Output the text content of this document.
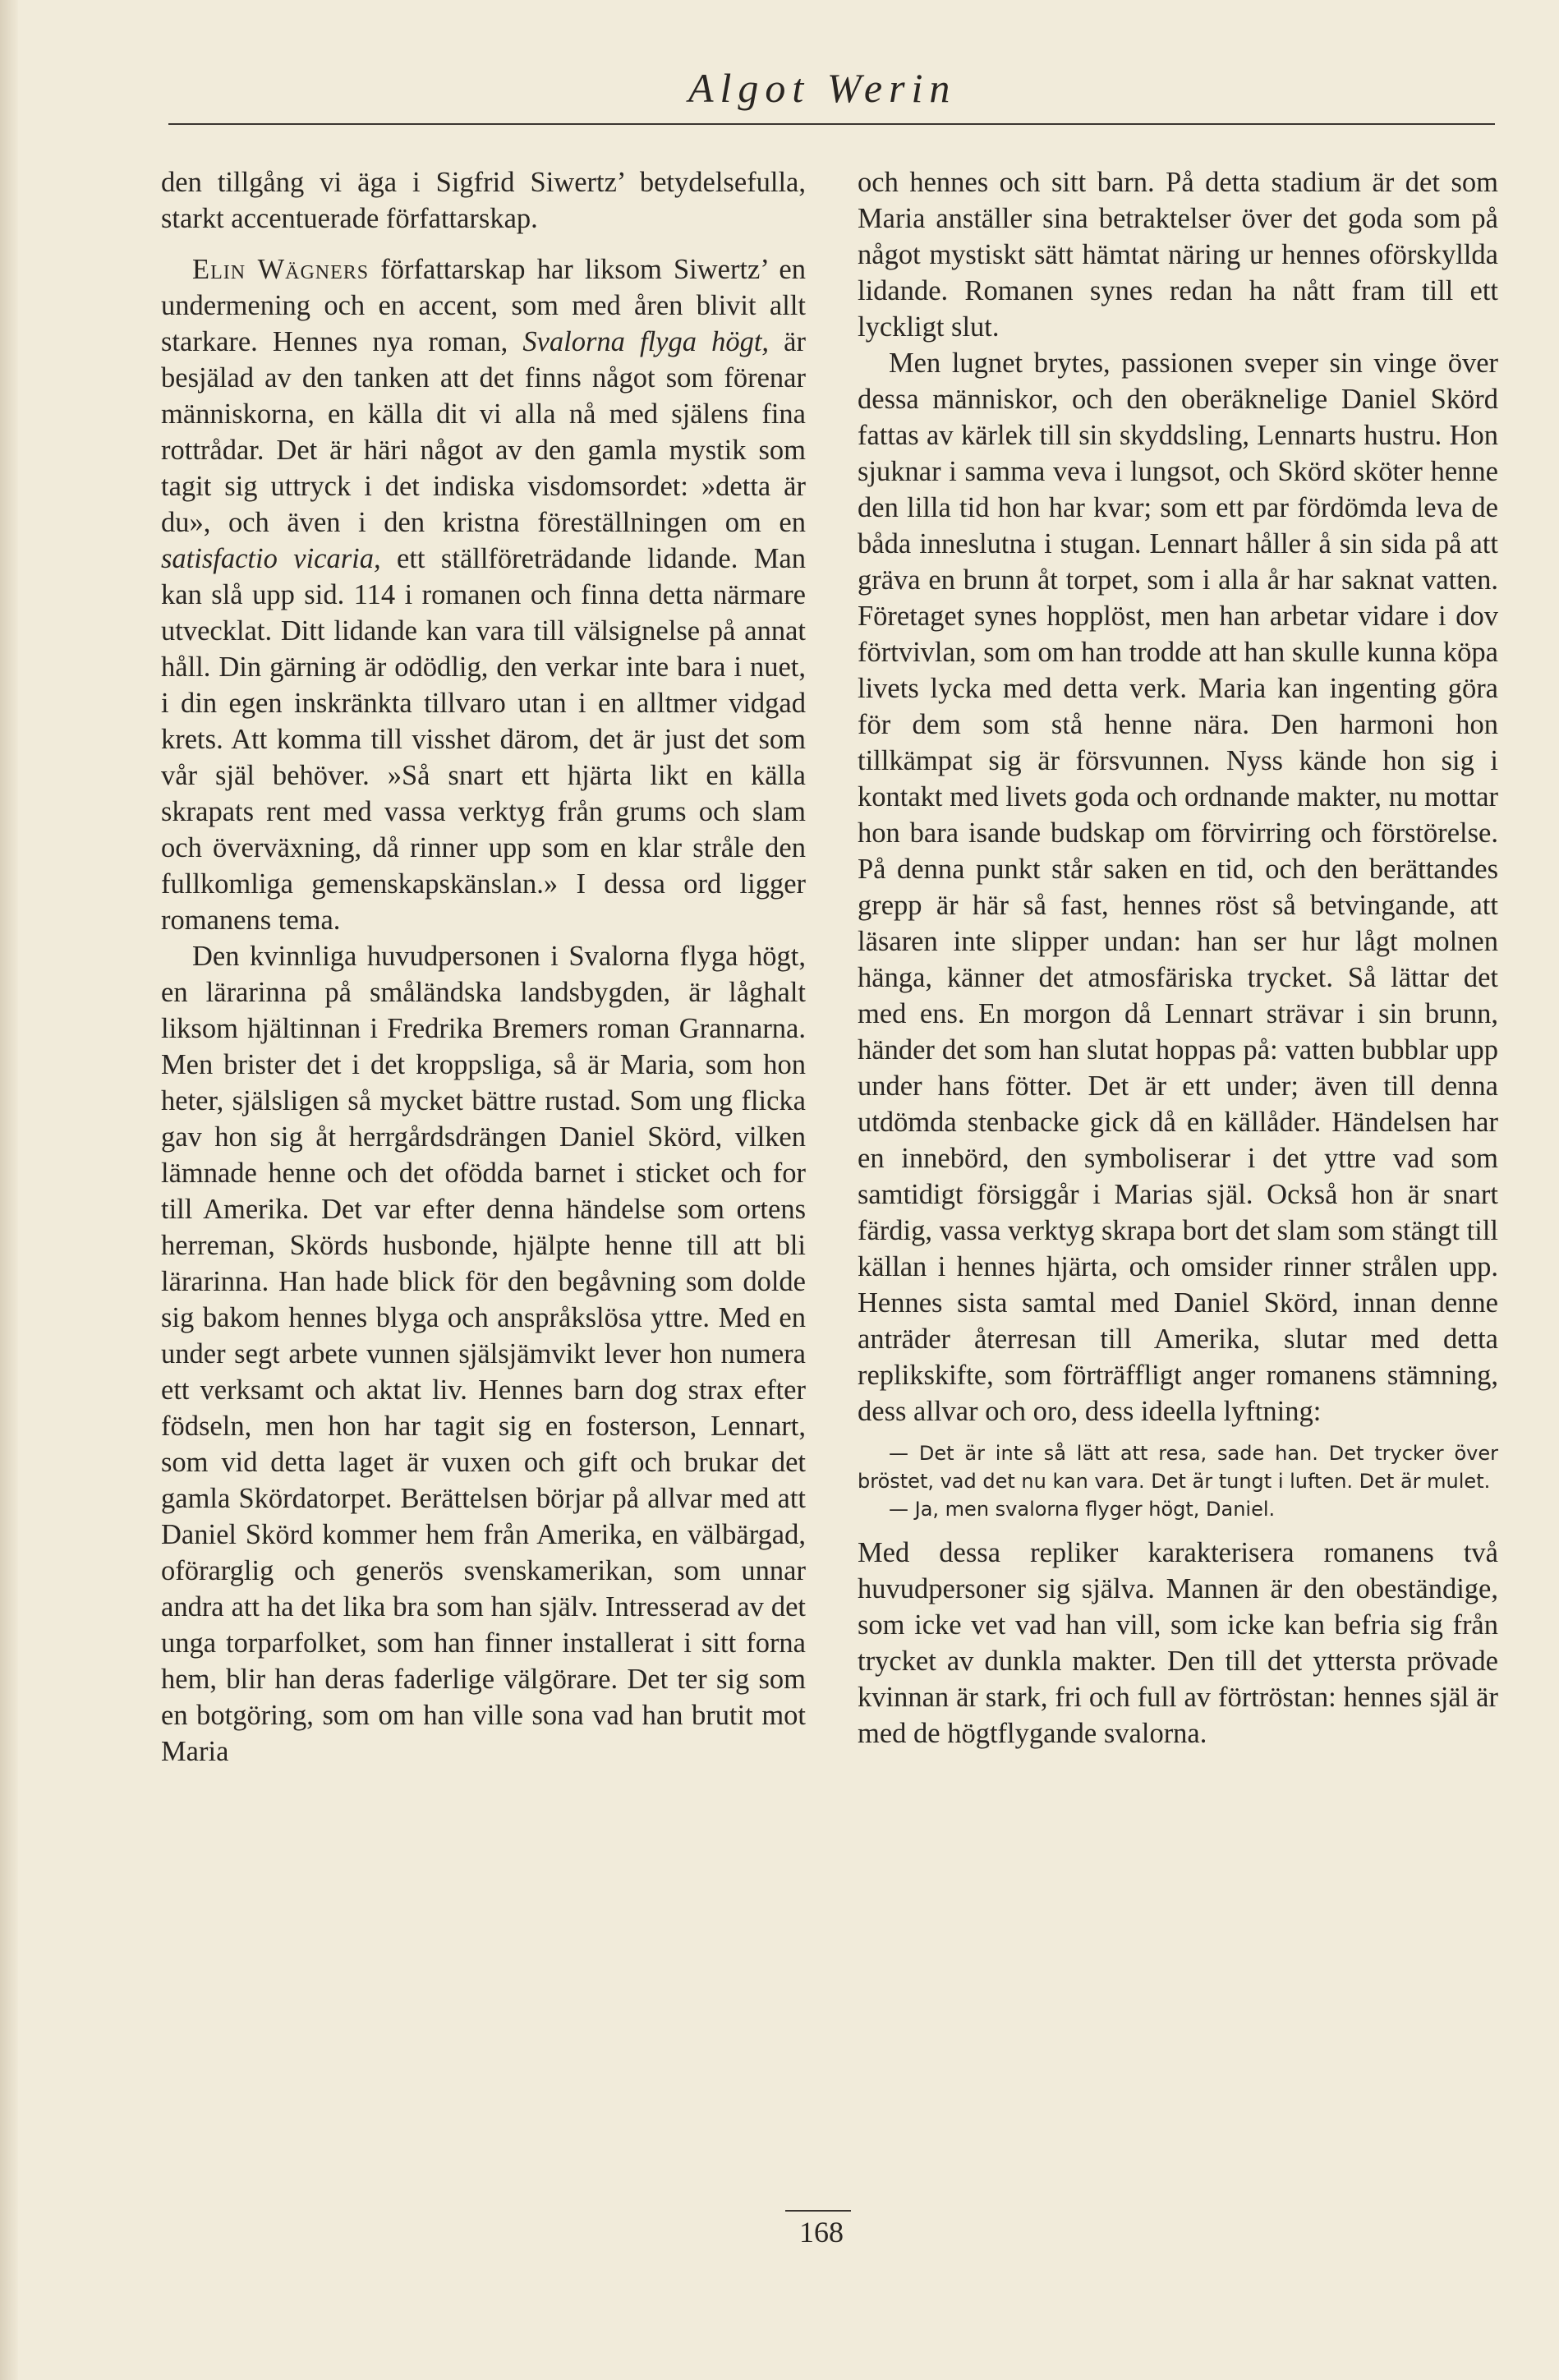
Algot Werin

den tillgång vi äga i Sigfrid Siwertz’ betydelsefulla, starkt accentuerade författarskap.

Elin Wägners författarskap har liksom Siwertz’ en undermening och en accent, som med åren blivit allt starkare. Hennes nya roman, Svalorna flyga högt, är besjälad av den tanken att det finns något som förenar människorna, en källa dit vi alla nå med själens fina rottrådar. Det är häri något av den gamla mystik som tagit sig uttryck i det indiska visdomsordet: »detta är du», och även i den kristna föreställningen om en satisfactio vicaria, ett ställföreträdande lidande. Man kan slå upp sid. 114 i romanen och finna detta närmare utvecklat. Ditt lidande kan vara till välsignelse på annat håll. Din gärning är odödlig, den verkar inte bara i nuet, i din egen inskränkta tillvaro utan i en alltmer vidgad krets. Att komma till visshet därom, det är just det som vår själ behöver. »Så snart ett hjärta likt en källa skrapats rent med vassa verktyg från grums och slam och överväxning, då rinner upp som en klar stråle den fullkomliga gemenskapskänslan.» I dessa ord ligger romanens tema.

Den kvinnliga huvudpersonen i Svalorna flyga högt, en lärarinna på småländska landsbygden, är låghalt liksom hjältinnan i Fredrika Bremers roman Grannarna. Men brister det i det kroppsliga, så är Maria, som hon heter, själsligen så mycket bättre rustad. Som ung flicka gav hon sig åt herrgårdsdrängen Daniel Skörd, vilken lämnade henne och det ofödda barnet i sticket och for till Amerika. Det var efter denna händelse som ortens herreman, Skörds husbonde, hjälpte henne till att bli lärarinna. Han hade blick för den begåvning som dolde sig bakom hennes blyga och anspråkslösa yttre. Med en under segt arbete vunnen själsjämvikt lever hon numera ett verksamt och aktat liv. Hennes barn dog strax efter födseln, men hon har tagit sig en fosterson, Lennart, som vid detta laget är vuxen och gift och brukar det gamla Skördatorpet. Berättelsen börjar på allvar med att Daniel Skörd kommer hem från Amerika, en välbärgad, oförarglig och generös svenskamerikan, som unnar andra att ha det lika bra som han själv. Intresserad av det unga torparfolket, som han finner installerat i sitt forna hem, blir han deras faderlige välgörare. Det ter sig som en botgöring, som om han ville sona vad han brutit mot Maria

och hennes och sitt barn. På detta stadium är det som Maria anställer sina betraktelser över det goda som på något mystiskt sätt hämtat näring ur hennes oförskyllda lidande. Romanen synes redan ha nått fram till ett lyckligt slut.

Men lugnet brytes, passionen sveper sin vinge över dessa människor, och den oberäknelige Daniel Skörd fattas av kärlek till sin skyddsling, Lennarts hustru. Hon sjuknar i samma veva i lungsot, och Skörd sköter henne den lilla tid hon har kvar; som ett par fördömda leva de båda inneslutna i stugan. Lennart håller å sin sida på att gräva en brunn åt torpet, som i alla år har saknat vatten. Företaget synes hopplöst, men han arbetar vidare i dov förtvivlan, som om han trodde att han skulle kunna köpa livets lycka med detta verk. Maria kan ingenting göra för dem som stå henne nära. Den harmoni hon tillkämpat sig är försvunnen. Nyss kände hon sig i kontakt med livets goda och ordnande makter, nu mottar hon bara isande budskap om förvirring och förstörelse. På denna punkt står saken en tid, och den berättandes grepp är här så fast, hennes röst så betvingande, att läsaren inte slipper undan: han ser hur lågt molnen hänga, känner det atmosfäriska trycket. Så lättar det med ens. En morgon då Lennart strävar i sin brunn, händer det som han slutat hoppas på: vatten bubblar upp under hans fötter. Det är ett under; även till denna utdömda stenbacke gick då en källåder. Händelsen har en innebörd, den symboliserar i det yttre vad som samtidigt försiggår i Marias själ. Också hon är snart färdig, vassa verktyg skrapa bort det slam som stängt till källan i hennes hjärta, och omsider rinner strålen upp. Hennes sista samtal med Daniel Skörd, innan denne anträder återresan till Amerika, slutar med detta replikskifte, som förträffligt anger romanens stämning, dess allvar och oro, dess ideella lyftning:

— Det är inte så lätt att resa, sade han. Det trycker över bröstet, vad det nu kan vara. Det är tungt i luften. Det är mulet.

— Ja, men svalorna flyger högt, Daniel.

Med dessa repliker karakterisera romanens två huvudpersoner sig själva. Mannen är den obeständige, som icke vet vad han vill, som icke kan befria sig från trycket av dunkla makter. Den till det yttersta prövade kvinnan är stark, fri och full av förtröstan: hennes själ är med de högtflygande svalorna.

168
